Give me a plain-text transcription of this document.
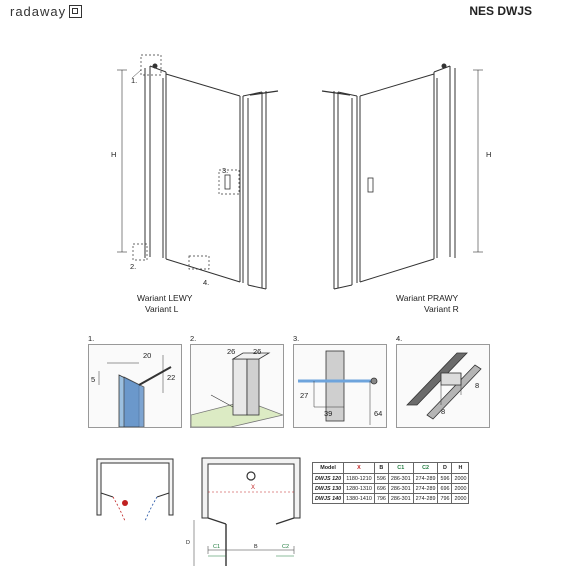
radaway	NES DWJS
H
1.
2.
3.
4.
H
Wariant LEWY
Variant L
Wariant PRAWY
Variant R
1.
20
5	22
2.
26 26
3.
27
39	64
4.
8
8
X
B
C1	C2
D
Model	X	B	C1	C2	D	H
DWJS 120	1180-1210	596	286-301	274-289	596	2000
DWJS 130	1280-1310	696	286-301	274-289	696	2000
DWJS 140	1380-1410	796	286-301	274-289	796	2000
